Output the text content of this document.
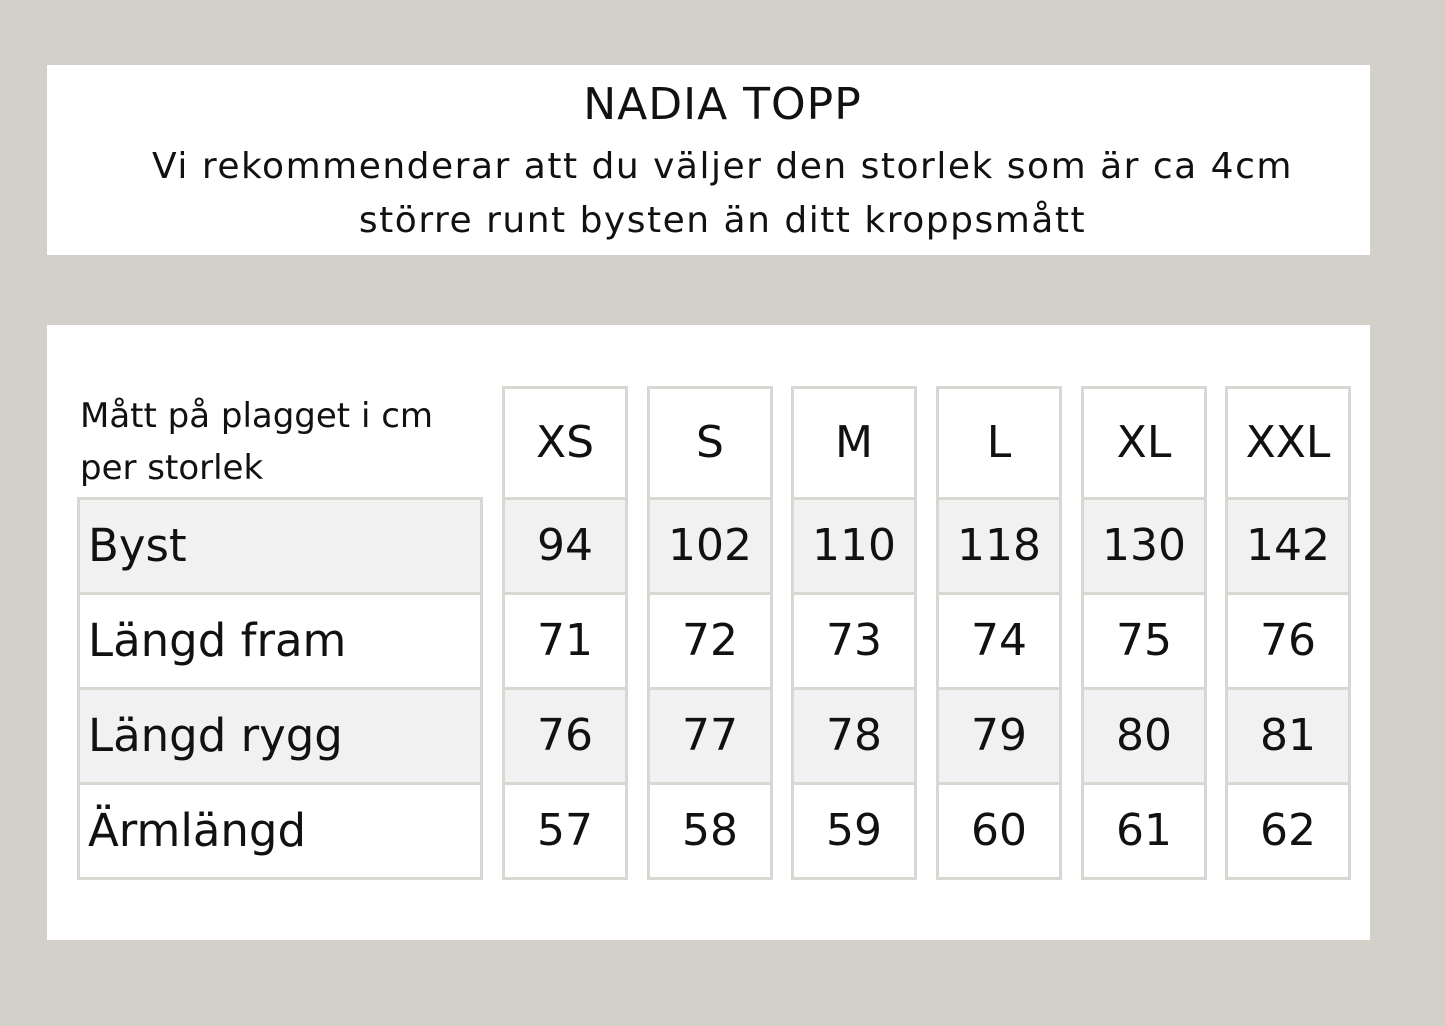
NADIA TOPP

Vi rekommenderar att du väljer den storlek som är ca 4cm större runt bysten än ditt kroppsmått

Mått på plagget i cm per storlek

Byst
Längd fram
Längd rygg
Ärmlängd
XS
94
71
76
57
S
102
72
77
58
M
110
73
78
59
L
118
74
79
60
XL
130
75
80
61
XXL
142
76
81
62
